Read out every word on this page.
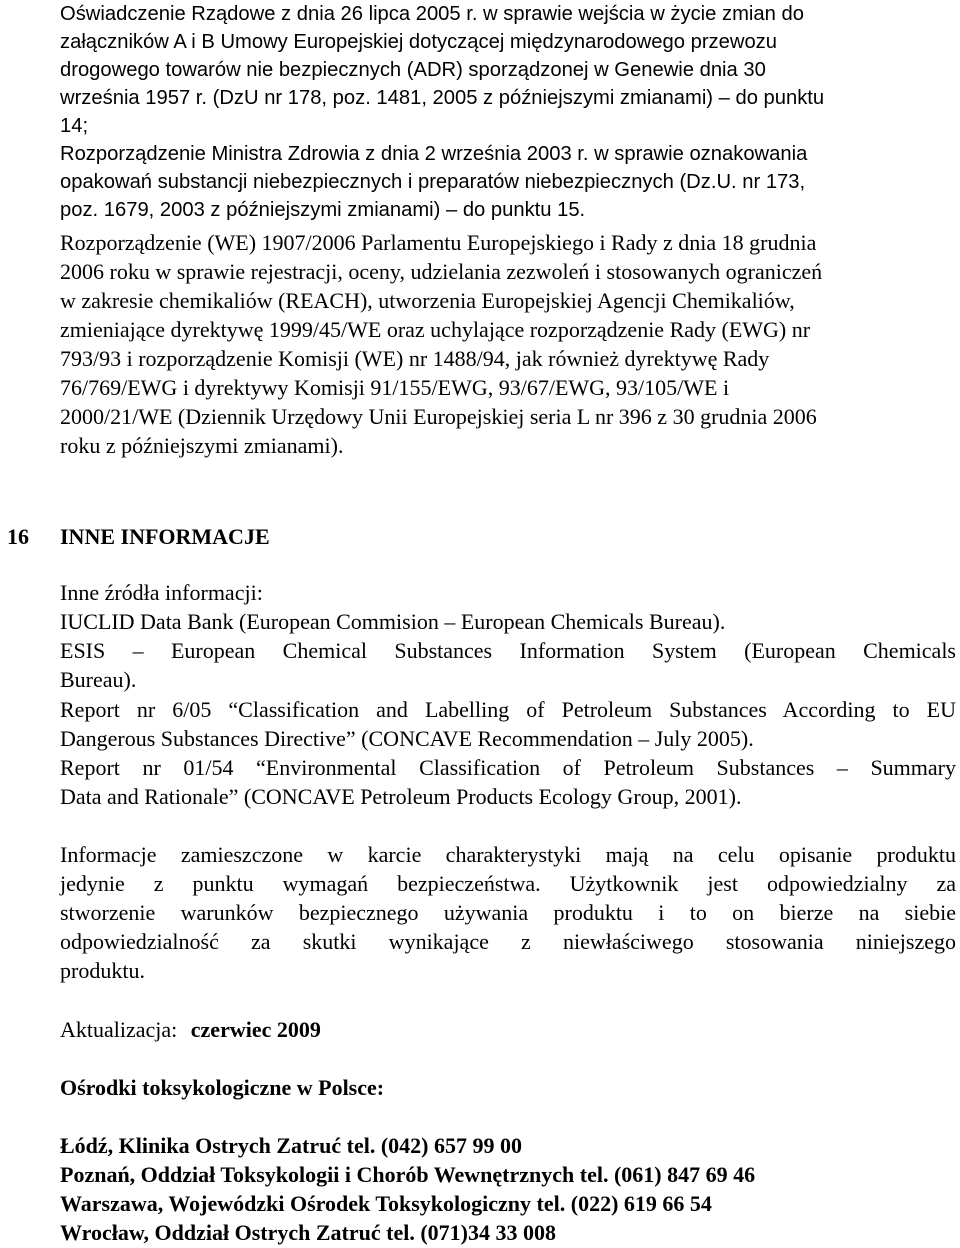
Oświadczenie Rządowe z dnia 26 lipca 2005 r. w sprawie wejścia w życie zmian do
załączników A i B Umowy Europejskiej dotyczącej międzynarodowego przewozu
drogowego towarów nie bezpiecznych (ADR) sporządzonej w Genewie dnia 30
września 1957 r. (DzU nr 178, poz. 1481, 2005 z późniejszymi zmianami) – do punktu
14;
Rozporządzenie Ministra Zdrowia z dnia 2 września 2003 r. w sprawie oznakowania
opakowań substancji niebezpiecznych i preparatów niebezpiecznych (Dz.U. nr 173,
poz. 1679, 2003 z późniejszymi zmianami) – do punktu 15.
Rozporządzenie (WE) 1907/2006 Parlamentu Europejskiego i Rady z dnia 18 grudnia
2006 roku w sprawie rejestracji, oceny, udzielania zezwoleń i stosowanych ograniczeń
w zakresie chemikaliów (REACH), utworzenia Europejskiej Agencji Chemikaliów,
zmieniające dyrektywę 1999/45/WE oraz uchylające rozporządzenie Rady (EWG) nr
793/93 i rozporządzenie Komisji (WE) nr 1488/94, jak również dyrektywę Rady
76/769/EWG i dyrektywy Komisji 91/155/EWG, 93/67/EWG, 93/105/WE i
2000/21/WE (Dziennik Urzędowy Unii Europejskiej seria L nr 396 z 30 grudnia 2006
roku z późniejszymi zmianami).
16 INNE INFORMACJE
Inne źródła informacji:
IUCLID Data Bank (European Commision – European Chemicals Bureau).
ESIS – European Chemical Substances Information System (European Chemicals
Bureau).
Report nr 6/05 “Classification and Labelling of Petroleum Substances According to EU
Dangerous Substances Directive” (CONCAVE Recommendation – July 2005).
Report nr 01/54 “Environmental Classification of Petroleum Substances – Summary
Data and Rationale” (CONCAVE Petroleum Products Ecology Group, 2001).
Informacje zamieszczone w karcie charakterystyki mają na celu opisanie produktu
jedynie z punktu wymagań bezpieczeństwa. Użytkownik jest odpowiedzialny za
stworzenie warunków bezpiecznego używania produktu i to on bierze na siebie
odpowiedzialność za skutki wynikające z niewłaściwego stosowania niniejszego
produktu.
Aktualizacja: czerwiec 2009
Ośrodki toksykologiczne w Polsce:
Łódź, Klinika Ostrych Zatruć tel. (042) 657 99 00
Poznań, Oddział Toksykologii i Chorób Wewnętrznych tel. (061) 847 69 46
Warszawa, Wojewódzki Ośrodek Toksykologiczny tel. (022) 619 66 54
Wrocław, Oddział Ostrych Zatruć tel. (071)34 33 008
